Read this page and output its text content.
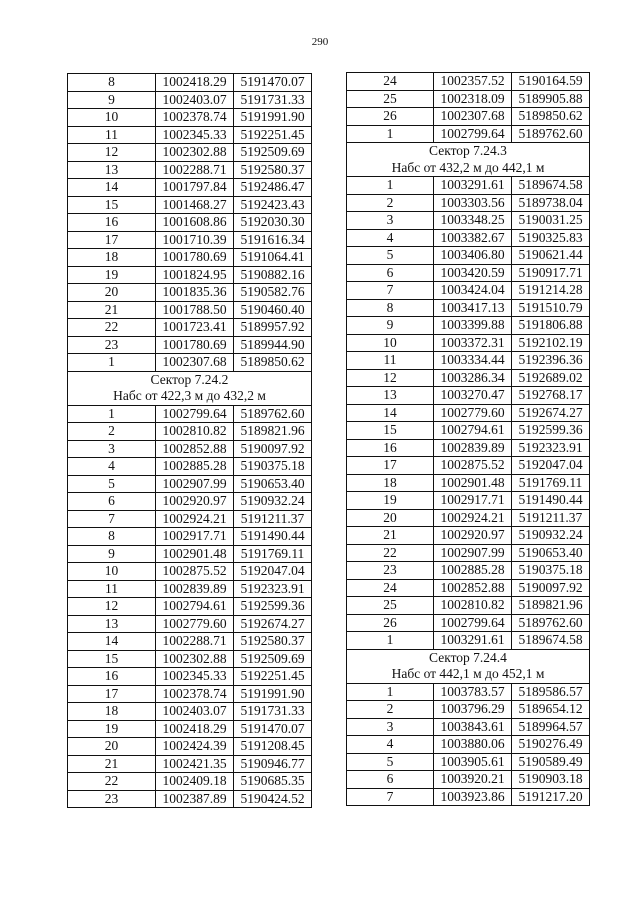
290
8	1002418.29	5191470.07
9	1002403.07	5191731.33
10	1002378.74	5191991.90
11	1002345.33	5192251.45
12	1002302.88	5192509.69
13	1002288.71	5192580.37
14	1001797.84	5192486.47
15	1001468.27	5192423.43
16	1001608.86	5192030.30
17	1001710.39	5191616.34
18	1001780.69	5191064.41
19	1001824.95	5190882.16
20	1001835.36	5190582.76
21	1001788.50	5190460.40
22	1001723.41	5189957.92
23	1001780.69	5189944.90
1	1002307.68	5189850.62

Сектор 7.24.2
Набс от 422,3 м до 432,2 м		

1	1002799.64	5189762.60
2	1002810.82	5189821.96
3	1002852.88	5190097.92
4	1002885.28	5190375.18
5	1002907.99	5190653.40
6	1002920.97	5190932.24
7	1002924.21	5191211.37
8	1002917.71	5191490.44
9	1002901.48	5191769.11
10	1002875.52	5192047.04
11	1002839.89	5192323.91
12	1002794.61	5192599.36
13	1002779.60	5192674.27
14	1002288.71	5192580.37
15	1002302.88	5192509.69
16	1002345.33	5192251.45
17	1002378.74	5191991.90
18	1002403.07	5191731.33
19	1002418.29	5191470.07
20	1002424.39	5191208.45
21	1002421.35	5190946.77
22	1002409.18	5190685.35
23	1002387.89	5190424.52
24	1002357.52	5190164.59
25	1002318.09	5189905.88
26	1002307.68	5189850.62
1	1002799.64	5189762.60

Сектор 7.24.3
Набс от 432,2 м до 442,1 м		

1	1003291.61	5189674.58
2	1003303.56	5189738.04
3	1003348.25	5190031.25
4	1003382.67	5190325.83
5	1003406.80	5190621.44
6	1003420.59	5190917.71
7	1003424.04	5191214.28
8	1003417.13	5191510.79
9	1003399.88	5191806.88
10	1003372.31	5192102.19
11	1003334.44	5192396.36
12	1003286.34	5192689.02
13	1003270.47	5192768.17
14	1002779.60	5192674.27
15	1002794.61	5192599.36
16	1002839.89	5192323.91
17	1002875.52	5192047.04
18	1002901.48	5191769.11
19	1002917.71	5191490.44
20	1002924.21	5191211.37
21	1002920.97	5190932.24
22	1002907.99	5190653.40
23	1002885.28	5190375.18
24	1002852.88	5190097.92
25	1002810.82	5189821.96
26	1002799.64	5189762.60
1	1003291.61	5189674.58

Сектор 7.24.4
Набс от 442,1 м до 452,1 м		

1	1003783.57	5189586.57
2	1003796.29	5189654.12
3	1003843.61	5189964.57
4	1003880.06	5190276.49
5	1003905.61	5190589.49
6	1003920.21	5190903.18
7	1003923.86	5191217.20
